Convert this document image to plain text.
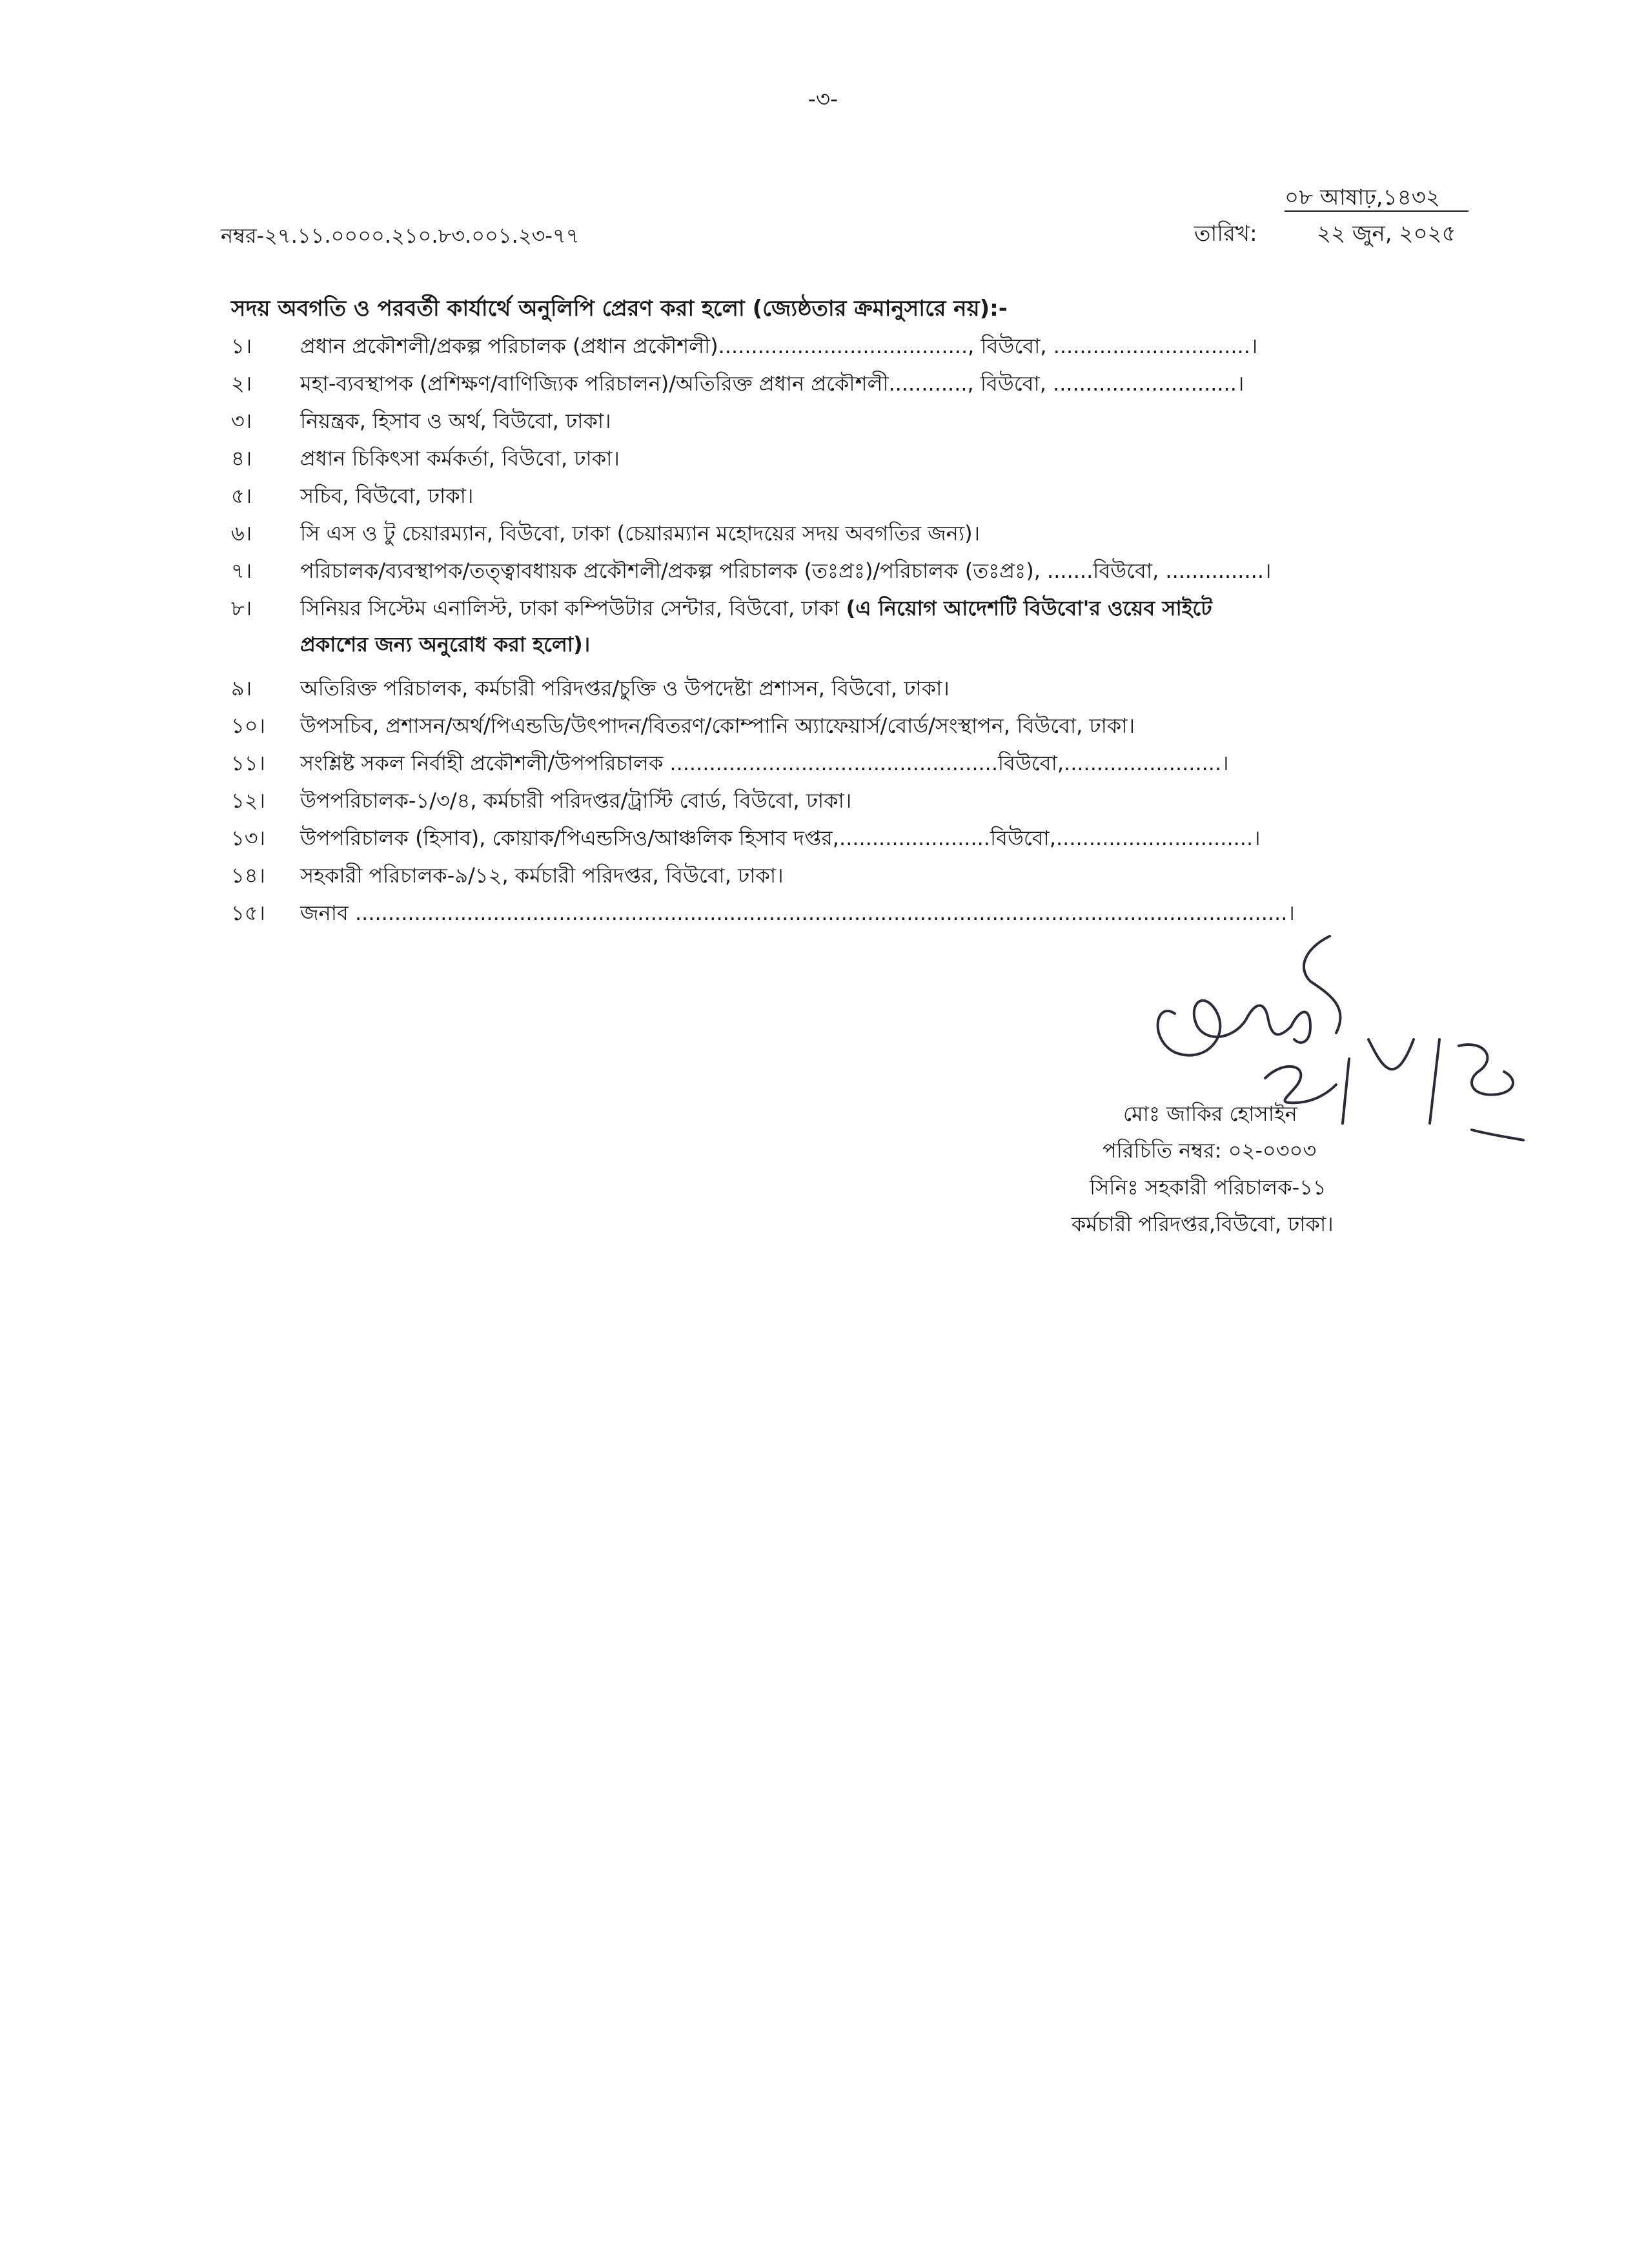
-৩-
০৮ আষাঢ়,১৪৩২
নম্বর-২৭.১১.০০০০.২১০.৮৩.০০১.২৩-৭৭	তারিখ:	২২ জুন, ২০২৫
সদয় অবগতি ও পরবর্তী কার্যার্থে অনুলিপি প্রেরণ করা হলো (জ্যেষ্ঠতার ক্রমানুসারে নয়):-
১।	প্রধান প্রকৌশলী/প্রকল্প পরিচালক (প্রধান প্রকৌশলী)......................................, বিউবো, ..............................।
২।	মহা-ব্যবস্থাপক (প্রশিক্ষণ/বাণিজ্যিক পরিচালন)/অতিরিক্ত প্রধান প্রকৌশলী............, বিউবো, ............................।
৩।	নিয়ন্ত্রক, হিসাব ও অর্থ, বিউবো, ঢাকা।
৪।	প্রধান চিকিৎসা কর্মকর্তা, বিউবো, ঢাকা।
৫।	সচিব, বিউবো, ঢাকা।
৬।	সি এস ও টু চেয়ারম্যান, বিউবো, ঢাকা (চেয়ারম্যান মহোদয়ের সদয় অবগতির জন্য)।
৭।	পরিচালক/ব্যবস্থাপক/তত্ত্বাবধায়ক প্রকৌশলী/প্রকল্প পরিচালক (তঃপ্রঃ)/পরিচালক (তঃপ্রঃ), .......বিউবো, ...............।
৮।	সিনিয়র সিস্টেম এনালিস্ট, ঢাকা কম্পিউটার সেন্টার, বিউবো, ঢাকা (এ নিয়োগ আদেশটি বিউবো'র ওয়েব সাইটে
প্রকাশের জন্য অনুরোধ করা হলো)।
৯।	অতিরিক্ত পরিচালক, কর্মচারী পরিদপ্তর/চুক্তি ও উপদেষ্টা প্রশাসন, বিউবো, ঢাকা।
১০।	উপসচিব, প্রশাসন/অর্থ/পিএন্ডডি/উৎপাদন/বিতরণ/কোম্পানি অ্যাফেয়ার্স/বোর্ড/সংস্থাপন, বিউবো, ঢাকা।
১১।	সংশ্লিষ্ট সকল নির্বাহী প্রকৌশলী/উপপরিচালক ..................................................বিউবো,........................।
১২।	উপপরিচালক-১/৩/৪, কর্মচারী পরিদপ্তর/ট্রাস্টি বোর্ড, বিউবো, ঢাকা।
১৩।	উপপরিচালক (হিসাব), কোয়াক/পিএন্ডসিও/আঞ্চলিক হিসাব দপ্তর,.......................বিউবো,..............................।
১৪।	সহকারী পরিচালক-৯/১২, কর্মচারী পরিদপ্তর, বিউবো, ঢাকা।
১৫।	জনাব ..............................................................................................................................................।
মোঃ জাকির হোসাইন
পরিচিতি নম্বর: ০২-০৩০৩
সিনিঃ সহকারী পরিচালক-১১
কর্মচারী পরিদপ্তর,বিউবো, ঢাকা।
